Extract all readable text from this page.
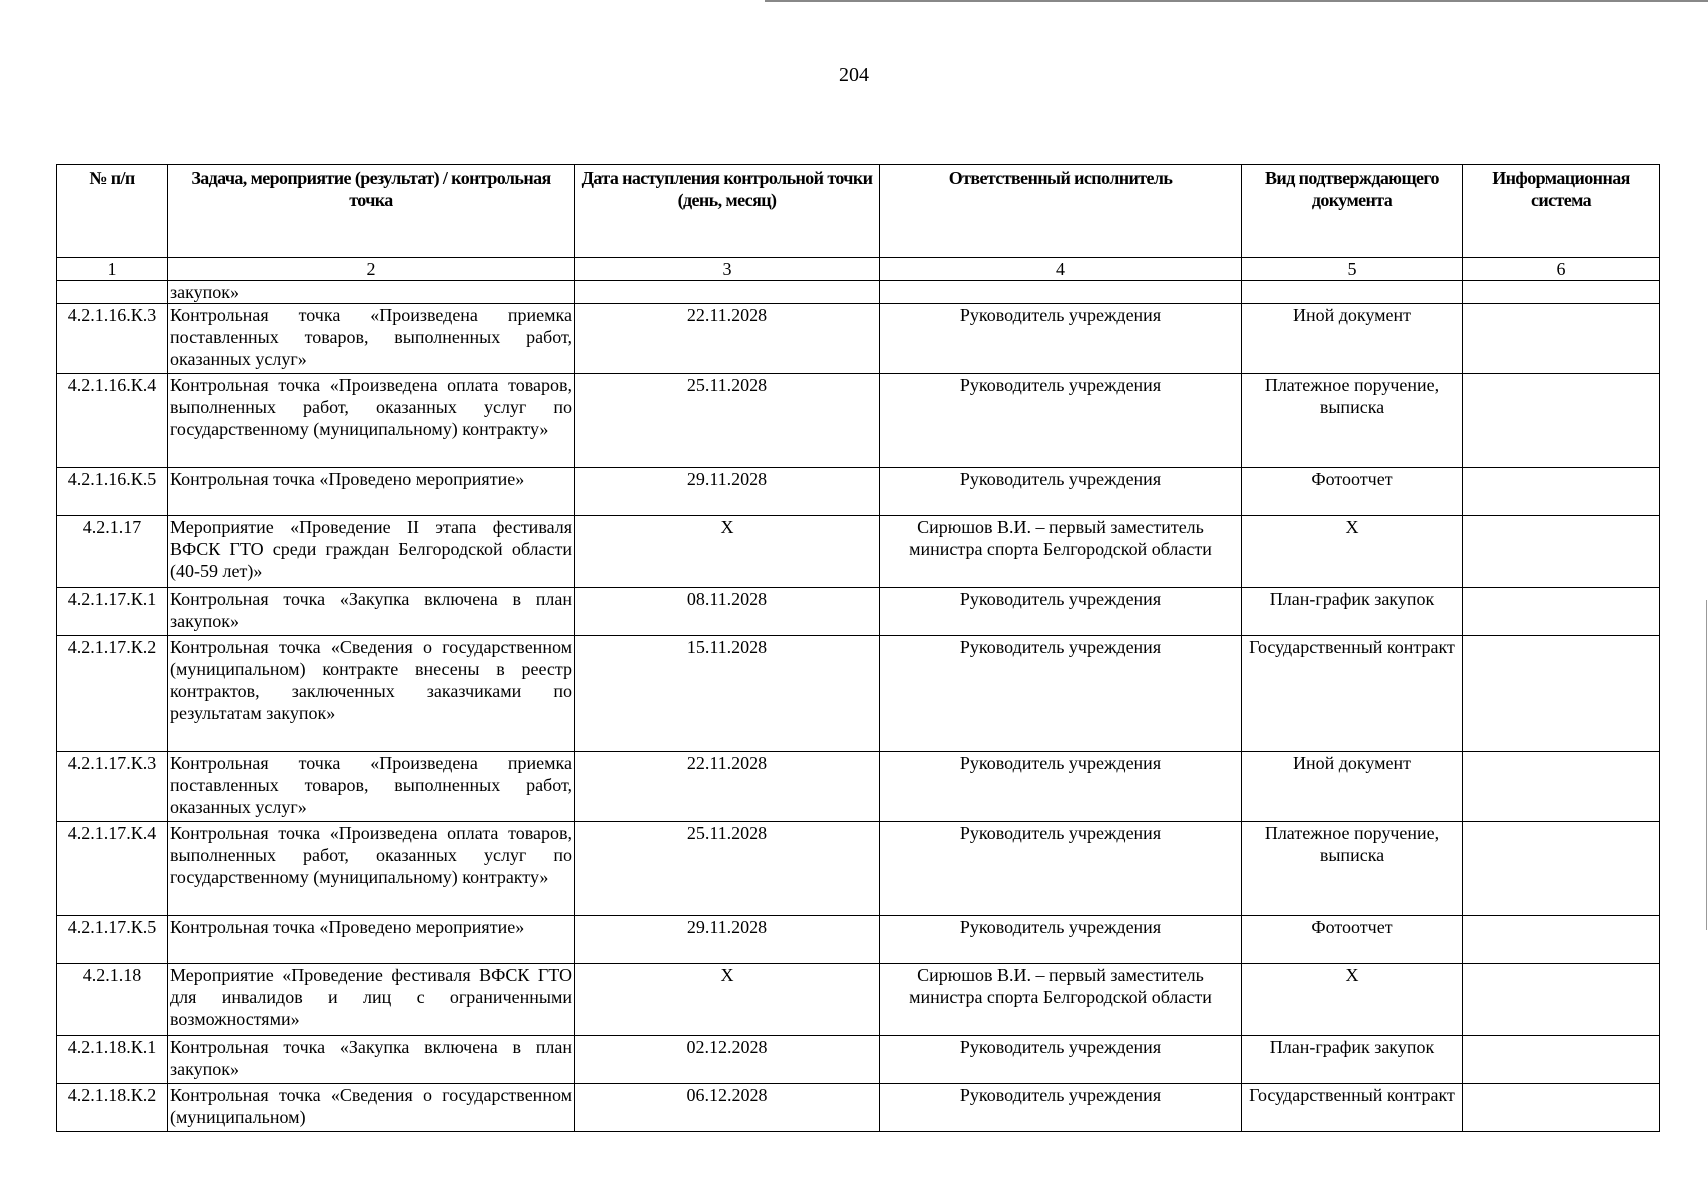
204
№ п/п	Задача, мероприятие (результат) / контрольная точка	Дата наступления контрольной точки (день, месяц)	Ответственный исполнитель	Вид подтверждающего документа	Информационная система
1	2	3	4	5	6
	закупок»				
4.2.1.16.К.3	Контрольная точка «Произведена приемка поставленных товаров, выполненных работ, оказанных услуг»	22.11.2028	Руководитель учреждения	Иной документ	
4.2.1.16.К.4	Контрольная точка «Произведена оплата товаров, выполненных работ, оказанных услуг по государственному (муниципальному) контракту»	25.11.2028	Руководитель учреждения	Платежное поручение, выписка	
4.2.1.16.К.5	Контрольная точка «Проведено мероприятие»	29.11.2028	Руководитель учреждения	Фотоотчет	
4.2.1.17	Мероприятие «Проведение II этапа фестиваля ВФСК ГТО среди граждан Белгородской области (40-59 лет)»	Х	Сирюшов В.И. – первый заместитель министра спорта Белгородской области	Х	
4.2.1.17.К.1	Контрольная точка «Закупка включена в план закупок»	08.11.2028	Руководитель учреждения	План-график закупок	
4.2.1.17.К.2	Контрольная точка «Сведения о государственном (муниципальном) контракте внесены в реестр контрактов, заключенных заказчиками по результатам закупок»	15.11.2028	Руководитель учреждения	Государственный контракт	
4.2.1.17.К.3	Контрольная точка «Произведена приемка поставленных товаров, выполненных работ, оказанных услуг»	22.11.2028	Руководитель учреждения	Иной документ	
4.2.1.17.К.4	Контрольная точка «Произведена оплата товаров, выполненных работ, оказанных услуг по государственному (муниципальному) контракту»	25.11.2028	Руководитель учреждения	Платежное поручение, выписка	
4.2.1.17.К.5	Контрольная точка «Проведено мероприятие»	29.11.2028	Руководитель учреждения	Фотоотчет	
4.2.1.18	Мероприятие «Проведение фестиваля ВФСК ГТО для инвалидов и лиц с ограниченными возможностями»	Х	Сирюшов В.И. – первый заместитель министра спорта Белгородской области	Х	
4.2.1.18.К.1	Контрольная точка «Закупка включена в план закупок»	02.12.2028	Руководитель учреждения	План-график закупок	
4.2.1.18.К.2	Контрольная точка «Сведения о государственном (муниципальном)	06.12.2028	Руководитель учреждения	Государственный контракт	
